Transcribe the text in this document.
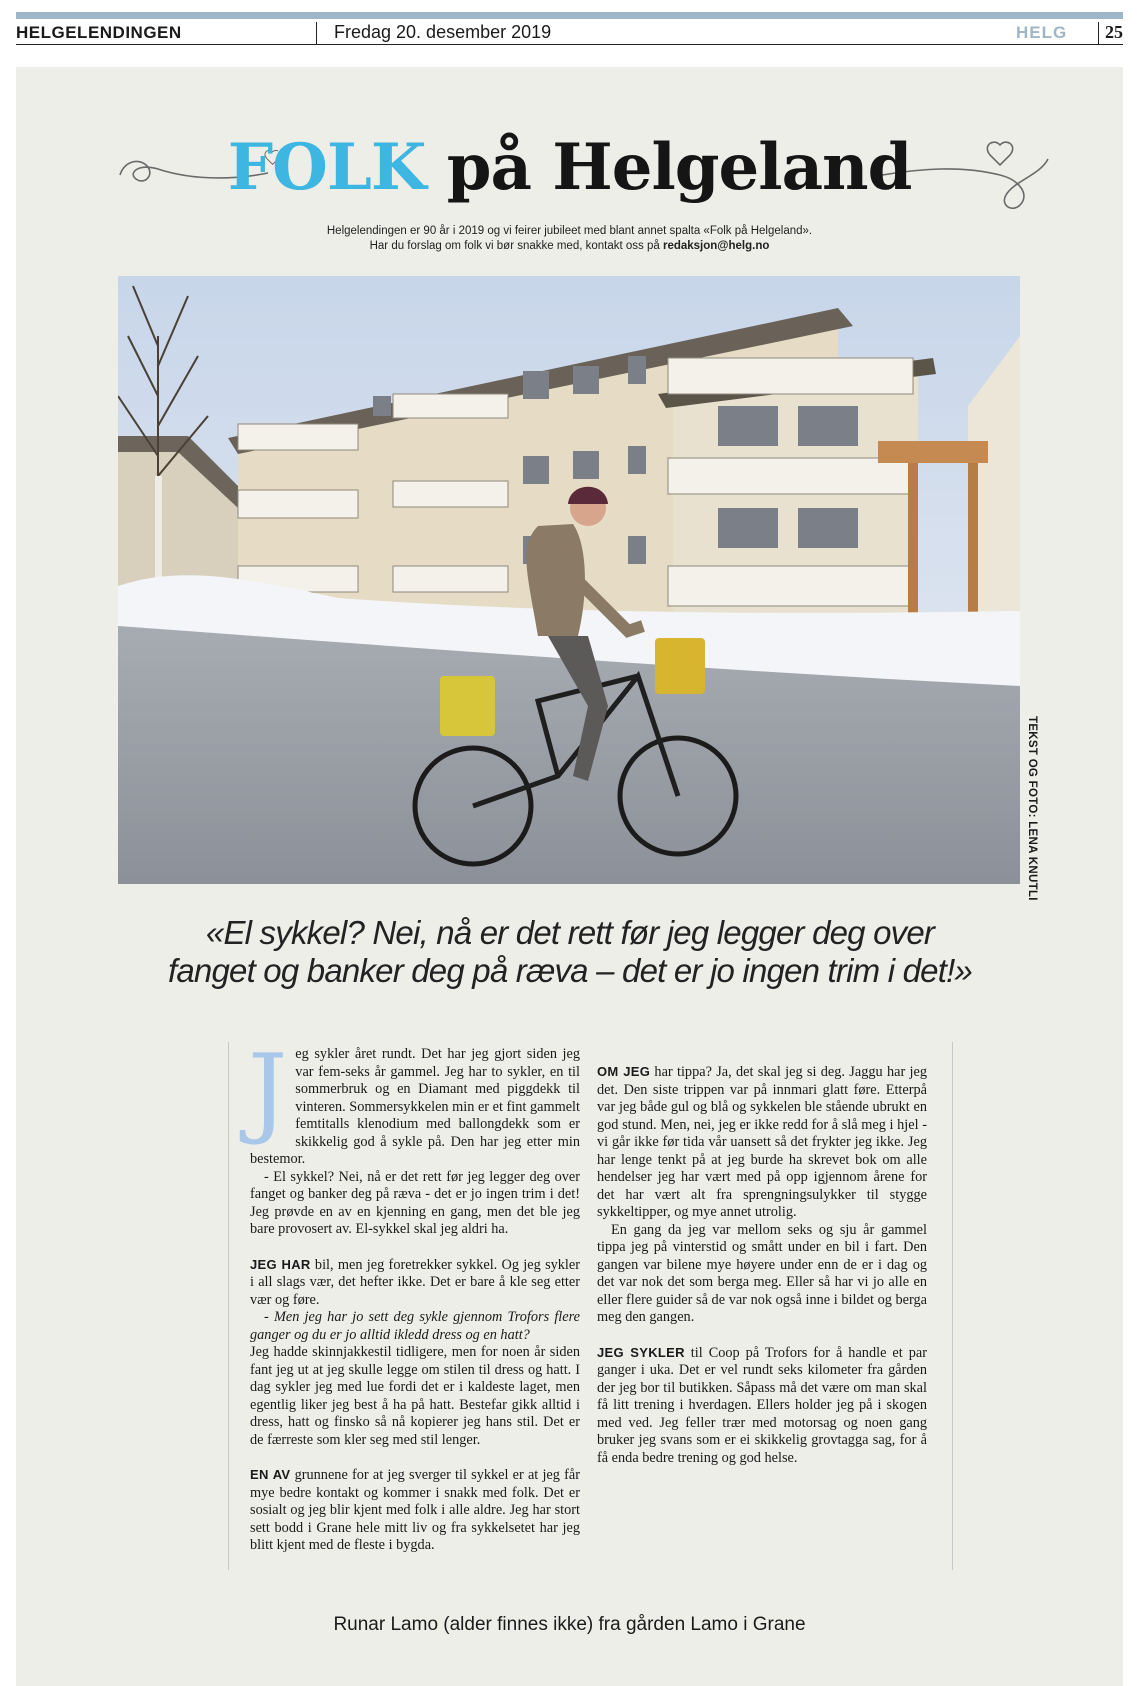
HELGELENDINGEN	Fredag 20. desember 2019	HELG 25
FOLK på Helgeland
Helgelendingen er 90 år i 2019 og vi feirer jubileet med blant annet spalta «Folk på Helgeland».
Har du forslag om folk vi bør snakke med, kontakt oss på redaksjon@helg.no
TEKST OG FOTO: LENA KNUTLI
«El sykkel? Nei, nå er det rett før jeg legger deg over
fanget og banker deg på ræva – det er jo ingen trim i det!»
J eg sykler året rundt. Det har jeg gjort siden jeg var fem-seks år gammel. Jeg har to sykler, en til sommerbruk og en Diamant med piggdekk til vinteren. Sommersykkelen min er et fint gammelt femtitalls klenodium med ballongdekk som er skikkelig god å sykle på. Den har jeg etter min bestemor.

- El sykkel? Nei, nå er det rett før jeg legger deg over fanget og banker deg på ræva - det er jo ingen trim i det! Jeg prøvde en av en kjenning en gang, men det ble jeg bare provosert av. El-sykkel skal jeg aldri ha.

JEG HAR bil, men jeg foretrekker sykkel. Og jeg sykler i all slags vær, det hefter ikke. Det er bare å kle seg etter vær og føre.

- Men jeg har jo sett deg sykle gjennom Trofors flere ganger og du er jo alltid ikledd dress og en hatt?

Jeg hadde skinnjakkestil tidligere, men for noen år siden fant jeg ut at jeg skulle legge om stilen til dress og hatt. I dag sykler jeg med lue fordi det er i kaldeste laget, men egentlig liker jeg best å ha på hatt. Bestefar gikk alltid i dress, hatt og finsko så nå kopierer jeg hans stil. Det er de færreste som kler seg med stil lenger.

EN AV grunnene for at jeg sverger til sykkel er at jeg får mye bedre kontakt og kommer i snakk med folk. Det er sosialt og jeg blir kjent med folk i alle aldre. Jeg har stort sett bodd i Grane hele mitt liv og fra sykkelsetet har jeg blitt kjent med de fleste i bygda.

OM JEG har tippa? Ja, det skal jeg si deg. Jaggu har jeg det. Den siste trippen var på innmari glatt føre. Etterpå var jeg både gul og blå og sykkelen ble stående ubrukt en god stund. Men, nei, jeg er ikke redd for å slå meg i hjel - vi går ikke før tida vår uansett så det frykter jeg ikke. Jeg har lenge tenkt på at jeg burde ha skrevet bok om alle hendelser jeg har vært med på opp igjennom årene for det har vært alt fra sprengningsulykker til stygge sykkeltipper, og mye annet utrolig.

En gang da jeg var mellom seks og sju år gammel tippa jeg på vinterstid og smått under en bil i fart. Den gangen var bilene mye høyere under enn de er i dag og det var nok det som berga meg. Eller så har vi jo alle en eller flere guider så de var nok også inne i bildet og berga meg den gangen.

JEG SYKLER til Coop på Trofors for å handle et par ganger i uka. Det er vel rundt seks kilometer fra gården der jeg bor til butikken. Såpass må det være om man skal få litt trening i hverdagen. Ellers holder jeg på i skogen med ved. Jeg feller trær med motorsag og noen gang bruker jeg svans som er ei skikkelig grovtagga sag, for å få enda bedre trening og god helse.

Runar Lamo (alder finnes ikke) fra gården Lamo i Grane
